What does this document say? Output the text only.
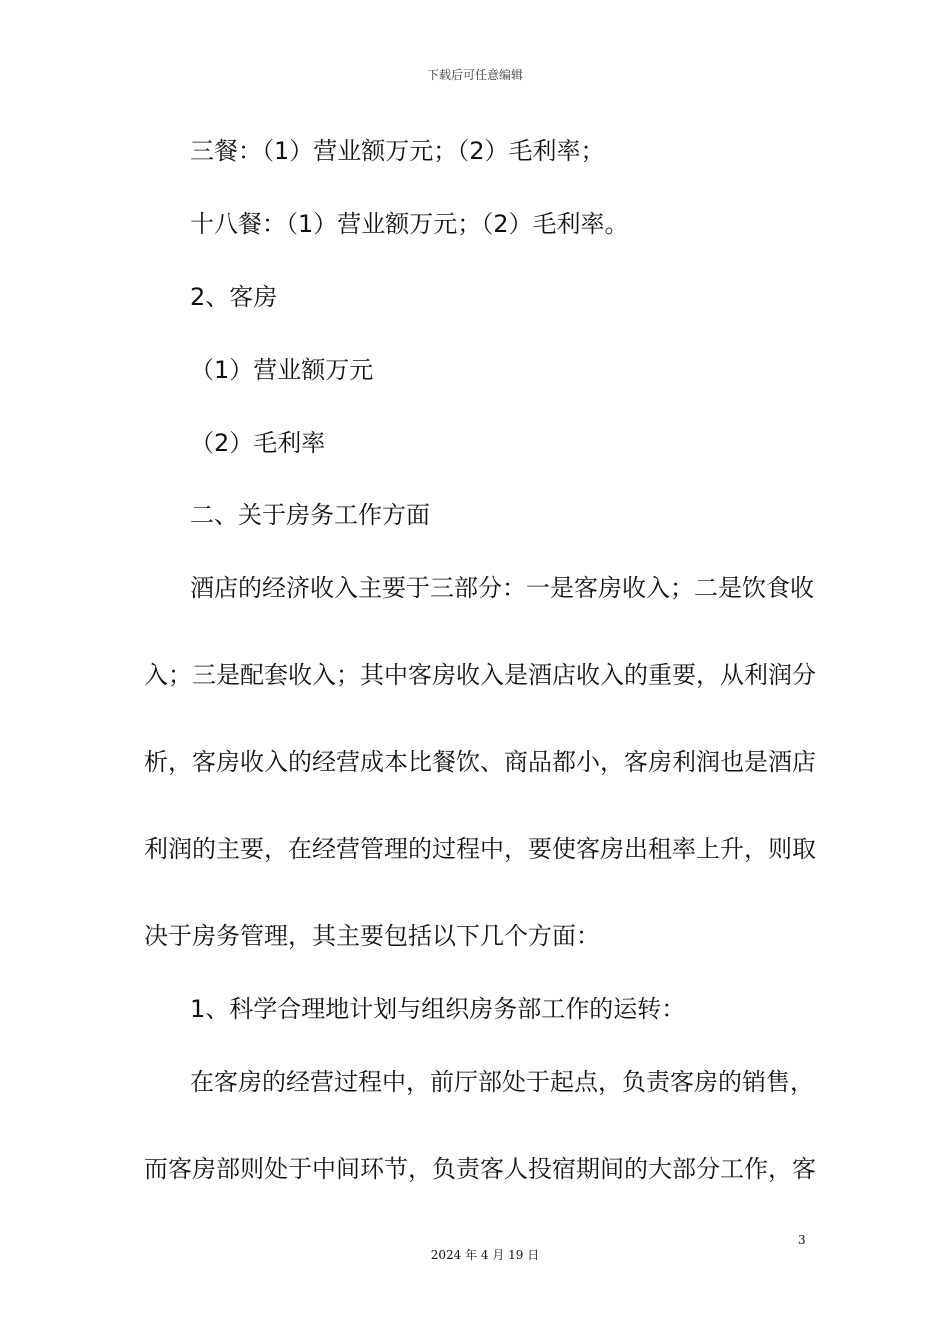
下载后可任意编辑
三餐：（1）营业额万元；（2）毛利率；
十八餐：（1）营业额万元；（2）毛利率。
2、客房
（1）营业额万元
（2）毛利率
二、关于房务工作方面
酒店的经济收入主要于三部分：一是客房收入；二是饮食收
入；三是配套收入；其中客房收入是酒店收入的重要，从利润分
析，客房收入的经营成本比餐饮、商品都小，客房利润也是酒店
利润的主要，在经营管理的过程中，要使客房出租率上升，则取
决于房务管理，其主要包括以下几个方面：
1、科学合理地计划与组织房务部工作的运转：
在客房的经营过程中，前厅部处于起点，负责客房的销售，
而客房部则处于中间环节，负责客人投宿期间的大部分工作，客
3
2024 年 4 月 19 日
